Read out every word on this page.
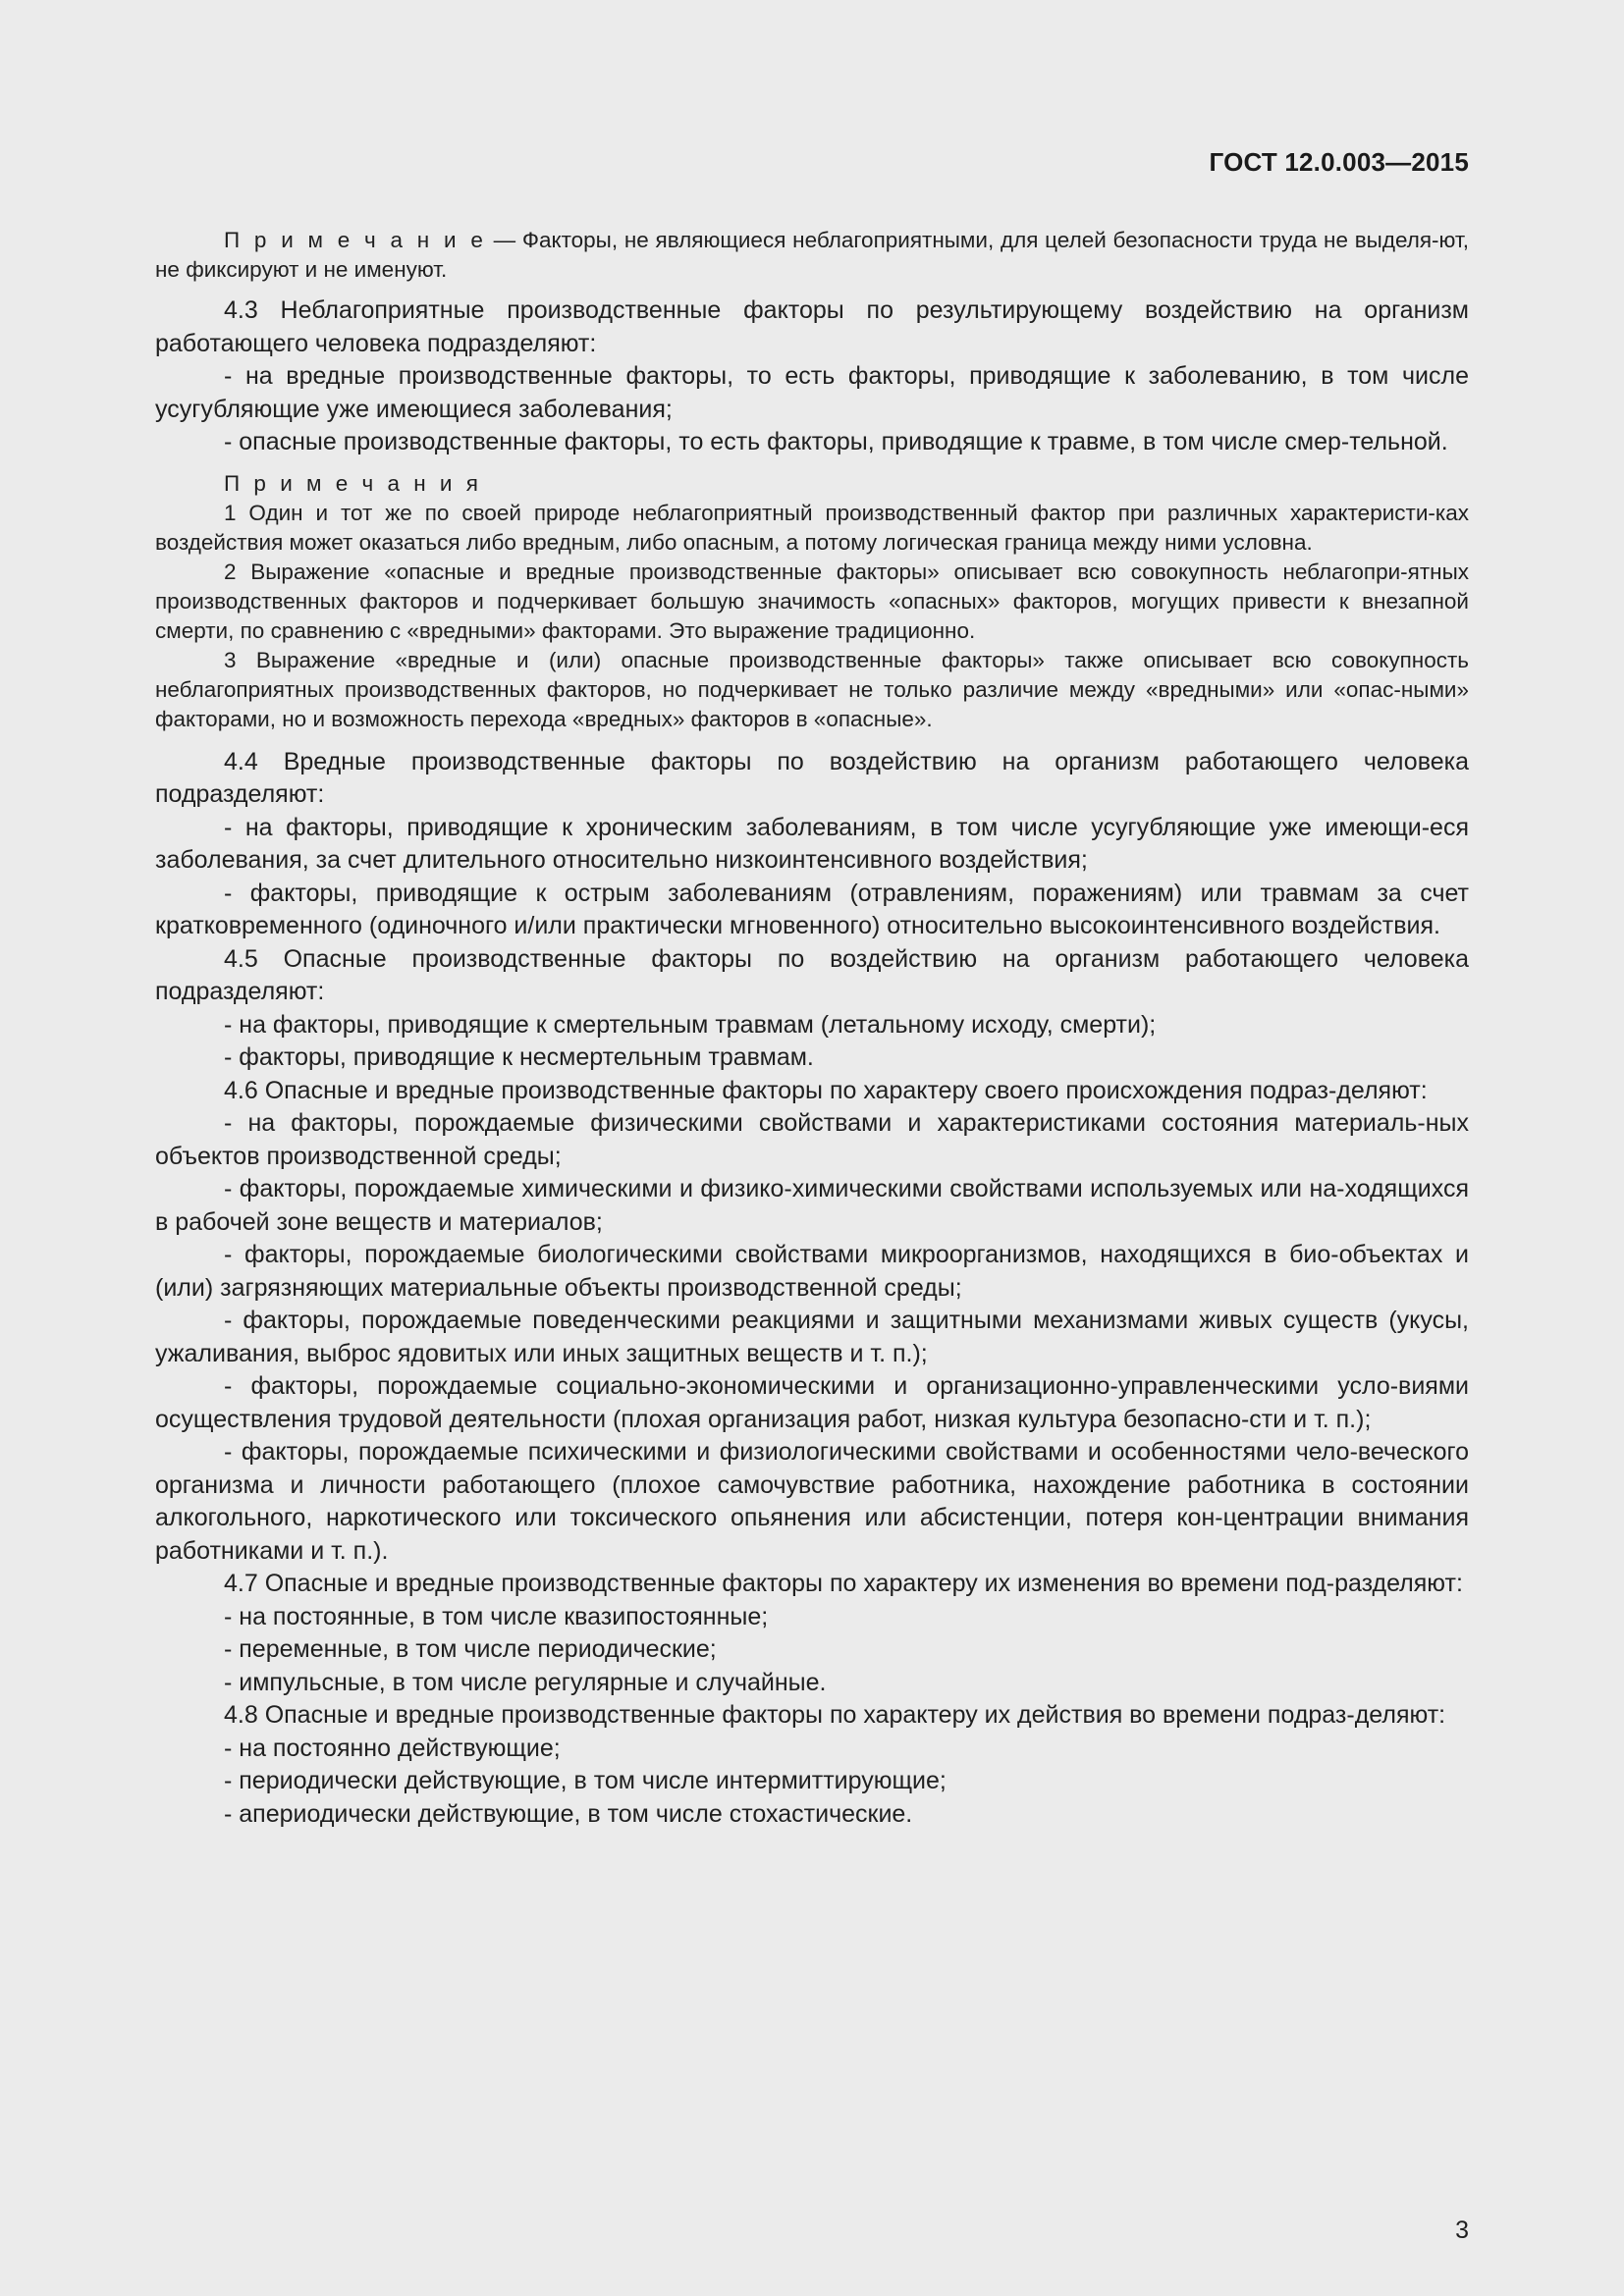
ГОСТ 12.0.003—2015

П р и м е ч а н и е — Факторы, не являющиеся неблагоприятными, для целей безопасности труда не выделя-ют, не фиксируют и не именуют.

4.3 Неблагоприятные производственные факторы по результирующему воздействию на организм работающего человека подразделяют:

- на вредные производственные факторы, то есть факторы, приводящие к заболеванию, в том числе усугубляющие уже имеющиеся заболевания;

- опасные производственные факторы, то есть факторы, приводящие к травме, в том числе смер-тельной.

П р и м е ч а н и я

1 Один и тот же по своей природе неблагоприятный производственный фактор при различных характеристи-ках воздействия может оказаться либо вредным, либо опасным, а потому логическая граница между ними условна.

2 Выражение «опасные и вредные производственные факторы» описывает всю совокупность неблагопри-ятных производственных факторов и подчеркивает большую значимость «опасных» факторов, могущих привести к внезапной смерти, по сравнению с «вредными» факторами. Это выражение традиционно.

3 Выражение «вредные и (или) опасные производственные факторы» также описывает всю совокупность неблагоприятных производственных факторов, но подчеркивает не только различие между «вредными» или «опас-ными» факторами, но и возможность перехода «вредных» факторов в «опасные».

4.4 Вредные производственные факторы по воздействию на организм работающего человека подразделяют:

- на факторы, приводящие к хроническим заболеваниям, в том числе усугубляющие уже имеющи-еся заболевания, за счет длительного относительно низкоинтенсивного воздействия;

- факторы, приводящие к острым заболеваниям (отравлениям, поражениям) или травмам за счет кратковременного (одиночного и/или практически мгновенного) относительно высокоинтенсивного воздействия.

4.5 Опасные производственные факторы по воздействию на организм работающего человека подразделяют:

- на факторы, приводящие к смертельным травмам (летальному исходу, смерти);

- факторы, приводящие к несмертельным травмам.

4.6 Опасные и вредные производственные факторы по характеру своего происхождения подраз-деляют:

- на факторы, порождаемые физическими свойствами и характеристиками состояния материаль-ных объектов производственной среды;

- факторы, порождаемые химическими и физико-химическими свойствами используемых или на-ходящихся в рабочей зоне веществ и материалов;

- факторы, порождаемые биологическими свойствами микроорганизмов, находящихся в био-объектах и (или) загрязняющих материальные объекты производственной среды;

- факторы, порождаемые поведенческими реакциями и защитными механизмами живых существ (укусы, ужаливания, выброс ядовитых или иных защитных веществ и т. п.);

- факторы, порождаемые социально-экономическими и организационно-управленческими усло-виями осуществления трудовой деятельности (плохая организация работ, низкая культура безопасно-сти и т. п.);

- факторы, порождаемые психическими и физиологическими свойствами и особенностями чело-веческого организма и личности работающего (плохое самочувствие работника, нахождение работника в состоянии алкогольного, наркотического или токсического опьянения или абсистенции, потеря кон-центрации внимания работниками и т. п.).

4.7 Опасные и вредные производственные факторы по характеру их изменения во времени под-разделяют:

- на постоянные, в том числе квазипостоянные;

- переменные, в том числе периодические;

- импульсные, в том числе регулярные и случайные.

4.8 Опасные и вредные производственные факторы по характеру их действия во времени подраз-деляют:

- на постоянно действующие;

- периодически действующие, в том числе интермиттирующие;

- апериодически действующие, в том числе стохастические.

3
